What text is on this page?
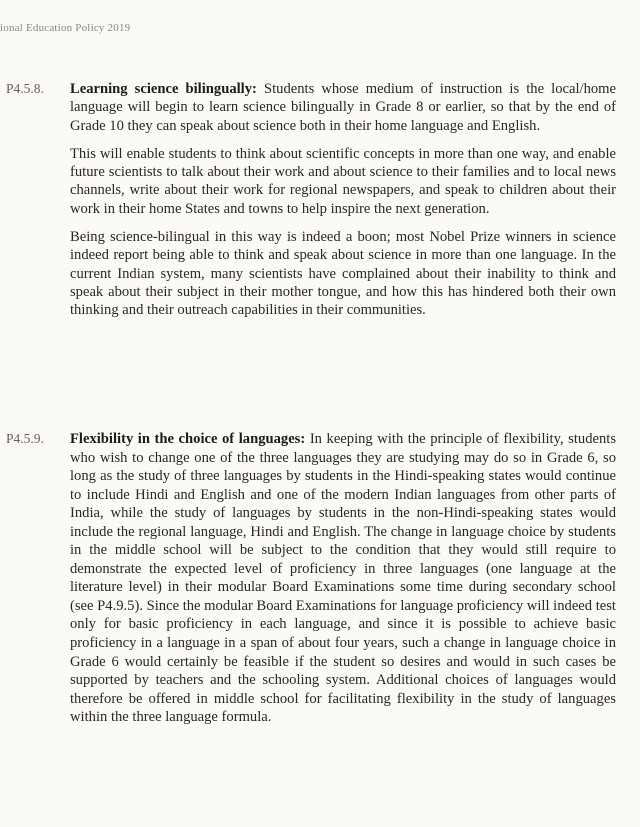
ional Education Policy 2019
P4.5.8. Learning science bilingually: Students whose medium of instruction is the local/home language will begin to learn science bilingually in Grade 8 or earlier, so that by the end of Grade 10 they can speak about science both in their home language and English.

This will enable students to think about scientific concepts in more than one way, and enable future scientists to talk about their work and about science to their families and to local news channels, write about their work for regional newspapers, and speak to children about their work in their home States and towns to help inspire the next generation.

Being science-bilingual in this way is indeed a boon; most Nobel Prize winners in science indeed report being able to think and speak about science in more than one language. In the current Indian system, many scientists have complained about their inability to think and speak about their subject in their mother tongue, and how this has hindered both their own thinking and their outreach capabilities in their communities.

P4.5.9. Flexibility in the choice of languages: In keeping with the principle of flexibility, students who wish to change one of the three languages they are studying may do so in Grade 6, so long as the study of three languages by students in the Hindi-speaking states would continue to include Hindi and English and one of the modern Indian languages from other parts of India, while the study of languages by students in the non-Hindi-speaking states would include the regional language, Hindi and English. The change in language choice by students in the middle school will be subject to the condition that they would still require to demonstrate the expected level of proficiency in three languages (one language at the literature level) in their modular Board Examinations some time during secondary school (see P4.9.5). Since the modular Board Examinations for language proficiency will indeed test only for basic proficiency in each language, and since it is possible to achieve basic proficiency in a language in a span of about four years, such a change in language choice in Grade 6 would certainly be feasible if the student so desires and would in such cases be supported by teachers and the schooling system. Additional choices of languages would therefore be offered in middle school for facilitating flexibility in the study of languages within the three language formula.
